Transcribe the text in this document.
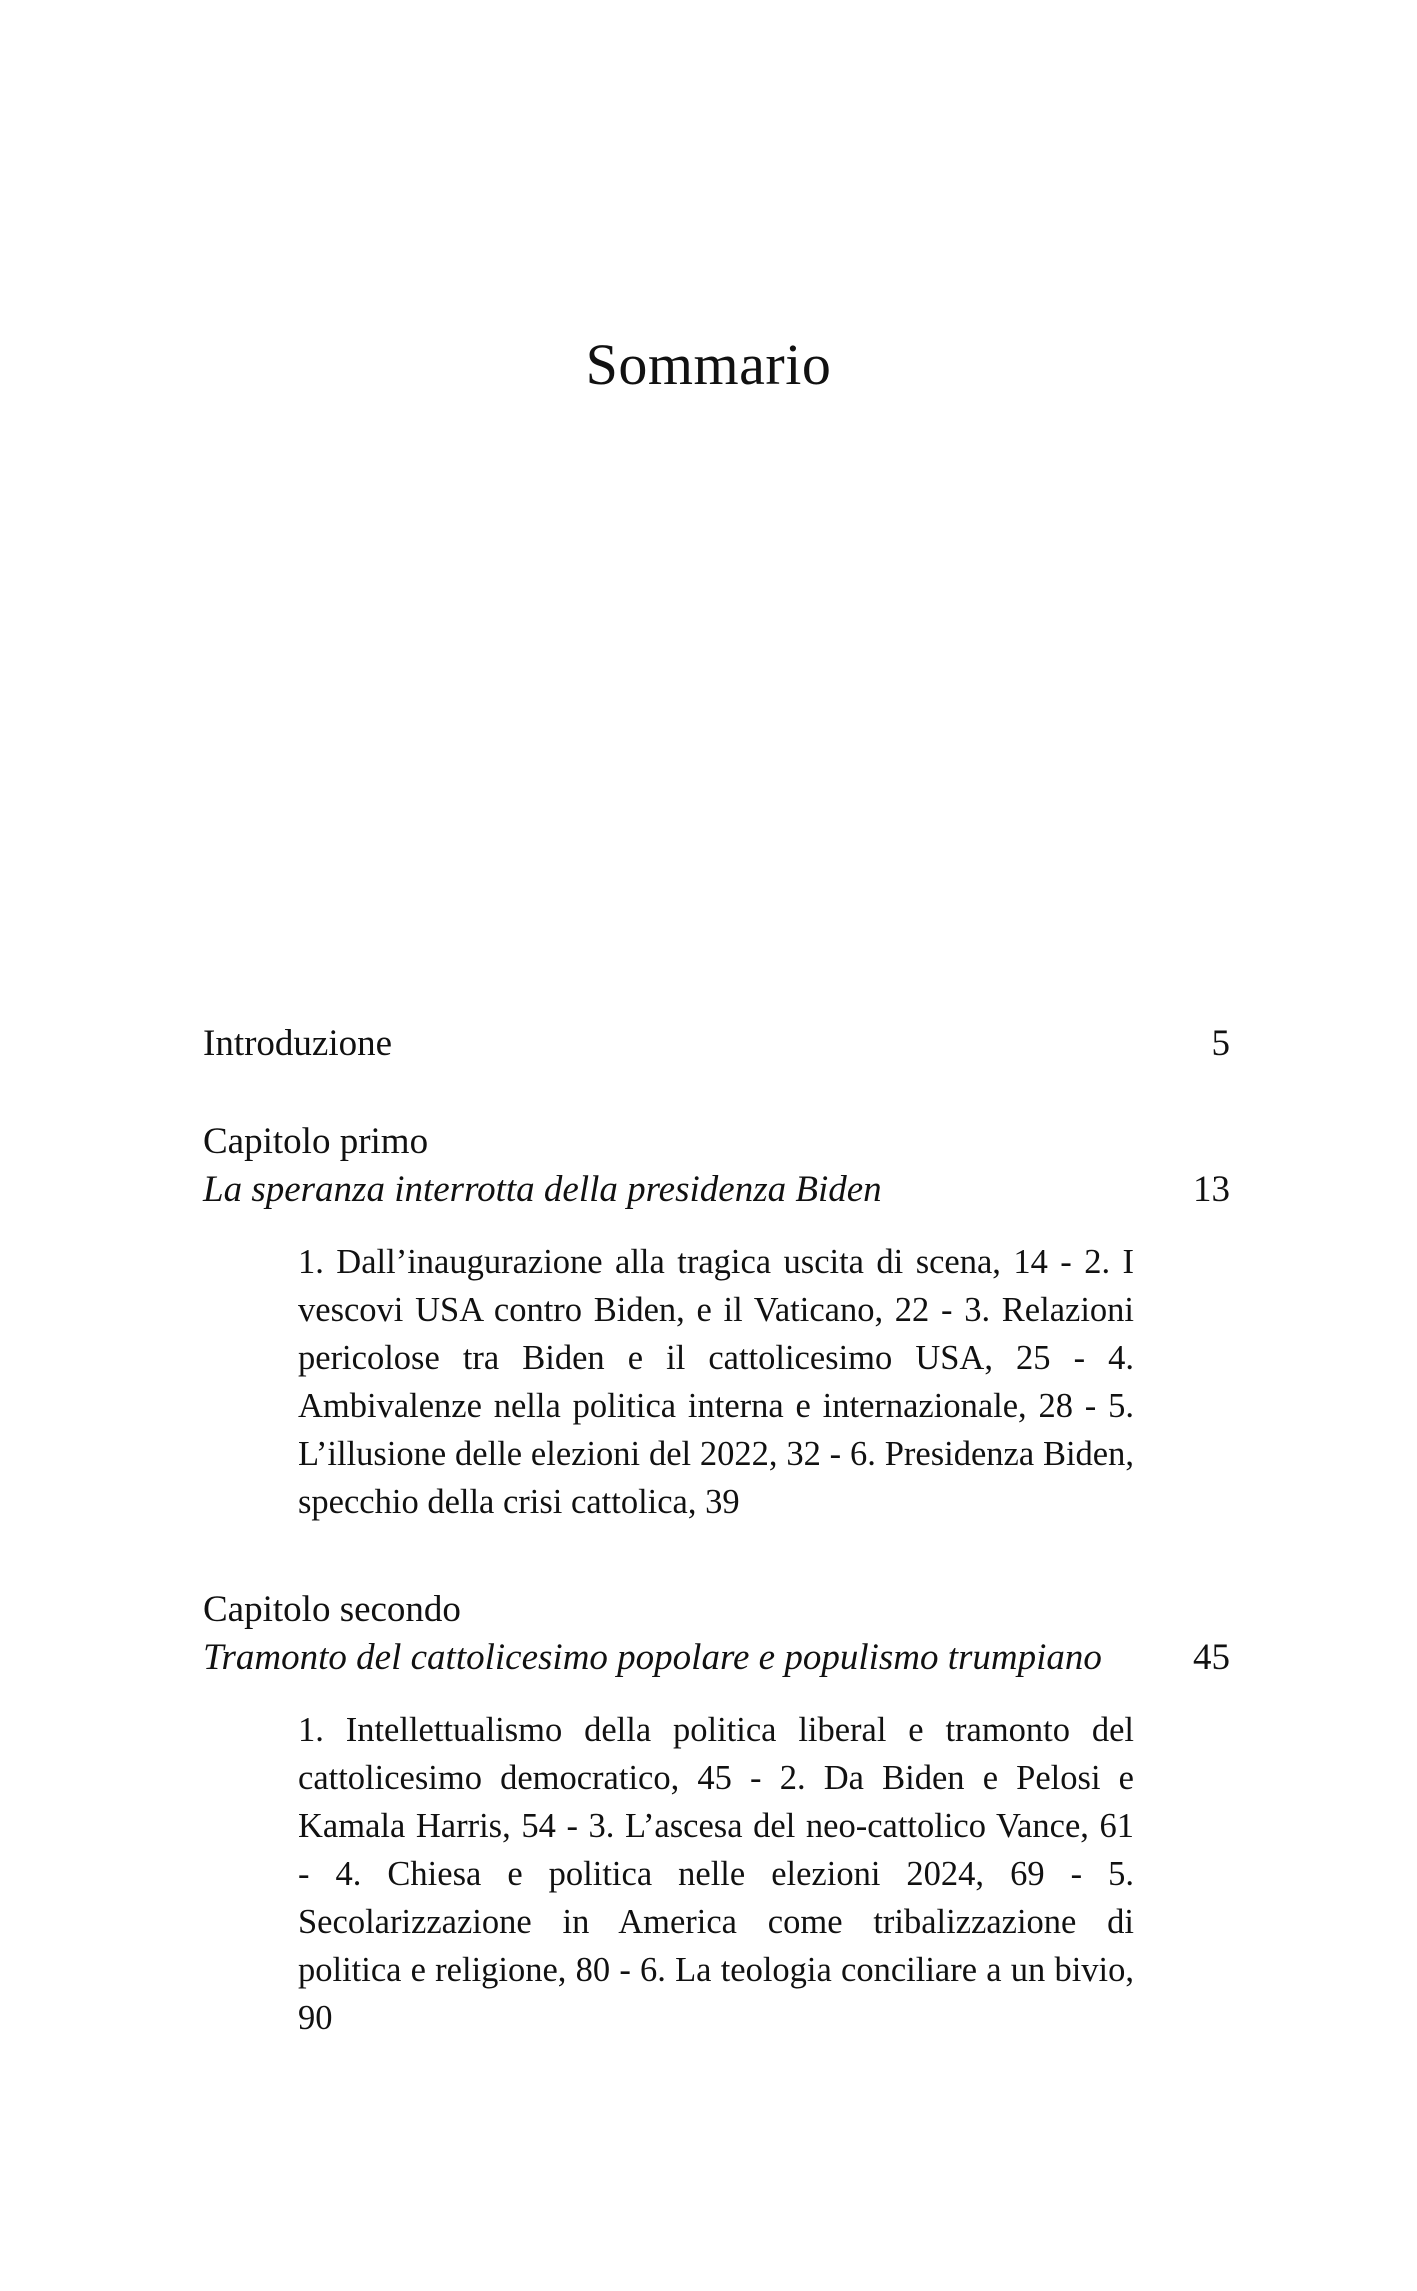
Sommario
Introduzione	5
Capitolo primo
La speranza interrotta della presidenza Biden	13
1. Dall’inaugurazione alla tragica uscita di scena, 14 - 2. I vescovi USA contro Biden, e il Vaticano, 22 - 3. Relazioni pericolose tra Biden e il cattolicesimo USA, 25 - 4. Ambivalenze nella politica interna e internazionale, 28 - 5. L’illusione delle elezioni del 2022, 32 - 6. Presidenza Biden, specchio della crisi cattolica, 39
Capitolo secondo
Tramonto del cattolicesimo popolare e populismo trumpiano 45
1. Intellettualismo della politica liberal e tramonto del cattolicesimo democratico, 45 - 2. Da Biden e Pelosi e Kamala Harris, 54 - 3. L’ascesa del neo-cattolico Vance, 61 - 4. Chiesa e politica nelle elezioni 2024, 69 - 5. Secolarizzazione in America come tribalizzazione di politica e religione, 80 - 6. La teologia conciliare a un bivio, 90
